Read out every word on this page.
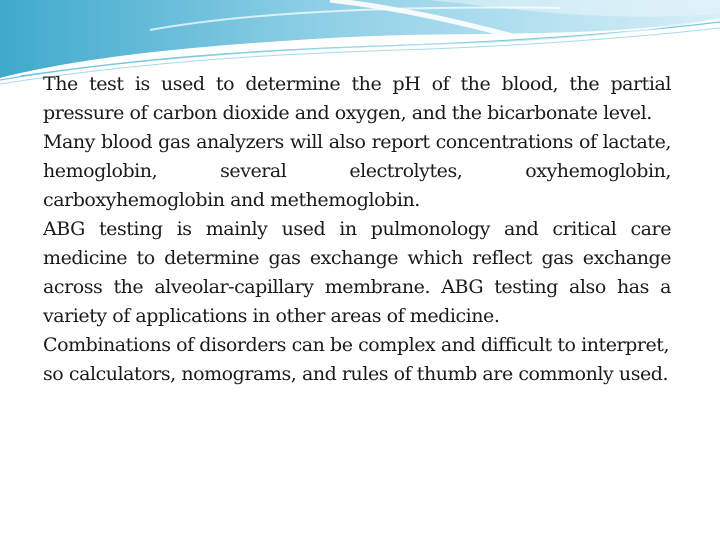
The test is used to determine the pH of the blood, the partial pressure of carbon dioxide and oxygen, and the bicarbonate level.

Many blood gas analyzers will also report concentrations of lactate, hemoglobin, several electrolytes, oxyhemoglobin, carboxyhemoglobin and methemoglobin.

ABG testing is mainly used in pulmonology and critical care medicine to determine gas exchange which reflect gas exchange across the alveolar-capillary membrane. ABG testing also has a variety of applications in other areas of medicine.

Combinations of disorders can be complex and difficult to interpret, so calculators, nomograms, and rules of thumb are commonly used.
